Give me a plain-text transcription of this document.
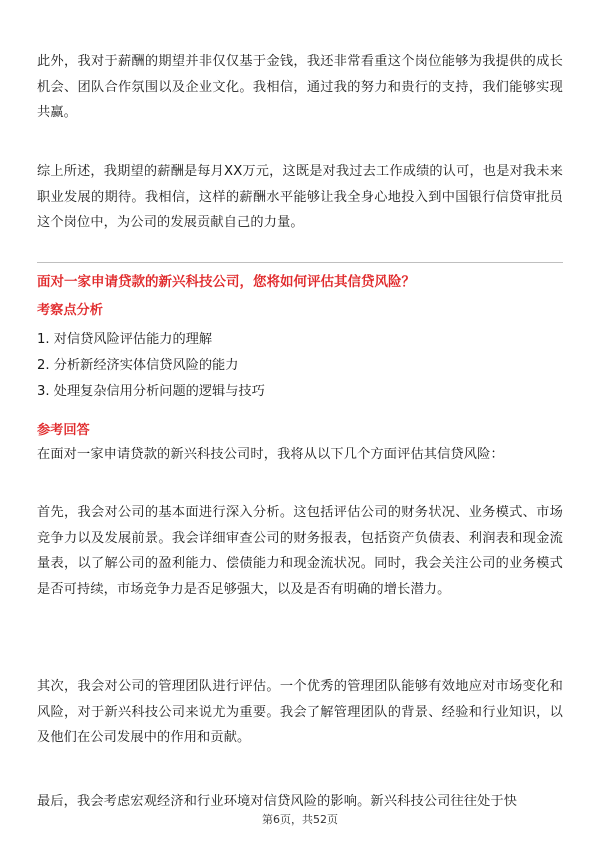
此外，我对于薪酬的期望并非仅仅基于金钱，我还非常看重这个岗位能够为我提供的成长机会、团队合作氛围以及企业文化。我相信，通过我的努力和贵行的支持，我们能够实现共赢。

综上所述，我期望的薪酬是每月XX万元，这既是对我过去工作成绩的认可，也是对我未来职业发展的期待。我相信，这样的薪酬水平能够让我全身心地投入到中国银行信贷审批员这个岗位中，为公司的发展贡献自己的力量。

面对一家申请贷款的新兴科技公司，您将如何评估其信贷风险？
考察点分析
1. 对信贷风险评估能力的理解
2. 分析新经济实体信贷风险的能力
3. 处理复杂信用分析问题的逻辑与技巧
参考回答

在面对一家申请贷款的新兴科技公司时，我将从以下几个方面评估其信贷风险：

首先，我会对公司的基本面进行深入分析。这包括评估公司的财务状况、业务模式、市场竞争力以及发展前景。我会详细审查公司的财务报表，包括资产负债表、利润表和现金流量表，以了解公司的盈利能力、偿债能力和现金流状况。同时，我会关注公司的业务模式是否可持续，市场竞争力是否足够强大，以及是否有明确的增长潜力。

其次，我会对公司的管理团队进行评估。一个优秀的管理团队能够有效地应对市场变化和风险，对于新兴科技公司来说尤为重要。我会了解管理团队的背景、经验和行业知识，以及他们在公司发展中的作用和贡献。

最后，我会考虑宏观经济和行业环境对信贷风险的影响。新兴科技公司往往处于快

第6页，共52页
